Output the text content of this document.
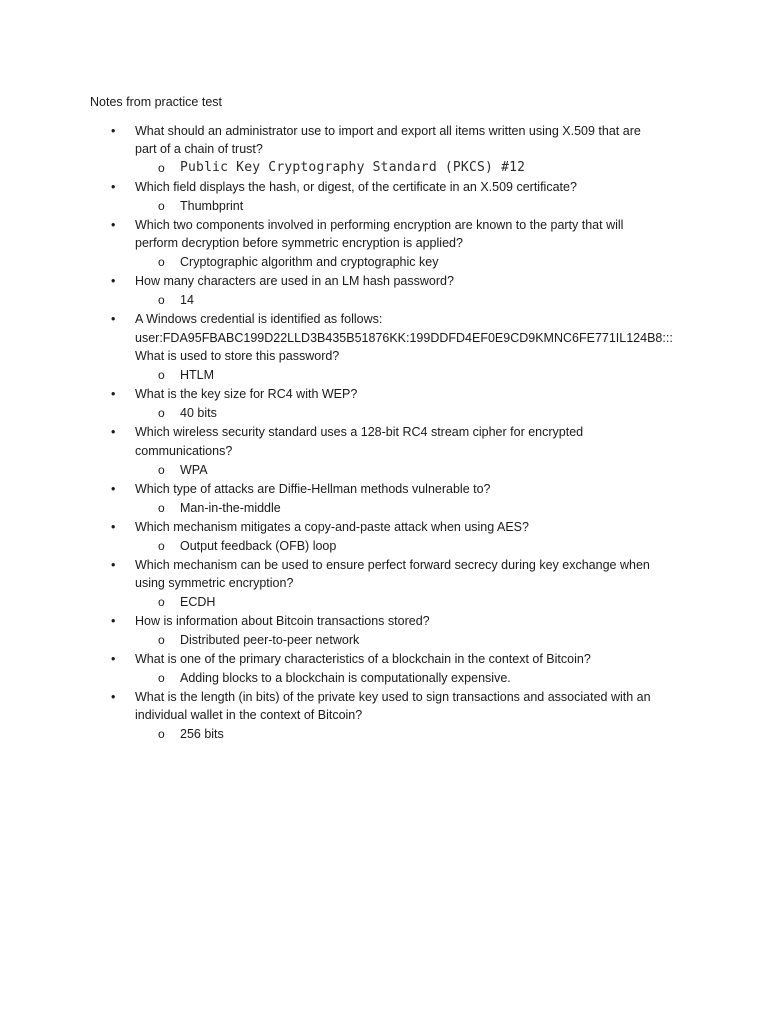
Notes from practice test
• What should an administrator use to import and export all items written using X.509 that are
part of a chain of trust?
o Public Key Cryptography Standard (PKCS) #12
• Which field displays the hash, or digest, of the certificate in an X.509 certificate?
o Thumbprint
• Which two components involved in performing encryption are known to the party that will
perform decryption before symmetric encryption is applied?
o Cryptographic algorithm and cryptographic key
• How many characters are used in an LM hash password?
o 14
• A Windows credential is identified as follows:
user:FDA95FBABC199D22LLD3B435B51876KK:199DDFD4EF0E9CD9KMNC6FE771IL124B8:::
What is used to store this password?
o HTLM
• What is the key size for RC4 with WEP?
o 40 bits
• Which wireless security standard uses a 128-bit RC4 stream cipher for encrypted
communications?
o WPA
• Which type of attacks are Diffie-Hellman methods vulnerable to?
o Man-in-the-middle
• Which mechanism mitigates a copy-and-paste attack when using AES?
o Output feedback (OFB) loop
• Which mechanism can be used to ensure perfect forward secrecy during key exchange when
using symmetric encryption?
o ECDH
• How is information about Bitcoin transactions stored?
o Distributed peer-to-peer network
• What is one of the primary characteristics of a blockchain in the context of Bitcoin?
o Adding blocks to a blockchain is computationally expensive.
• What is the length (in bits) of the private key used to sign transactions and associated with an
individual wallet in the context of Bitcoin?
o 256 bits
